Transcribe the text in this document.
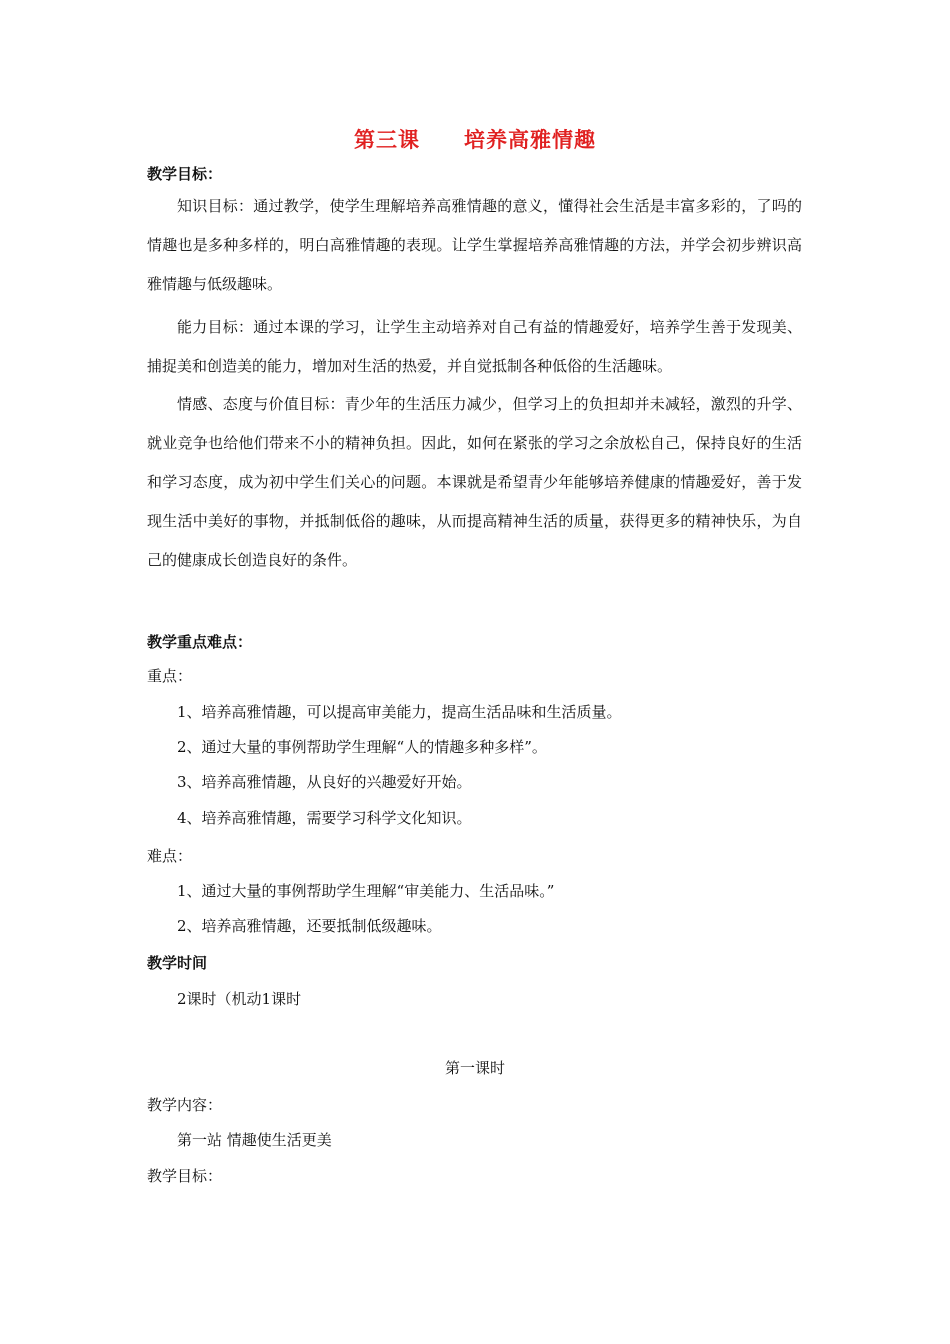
第三课　　培养高雅情趣
教学目标：
知识目标：通过教学，使学生理解培养高雅情趣的意义，懂得社会生活是丰富多彩的，了吗的情趣也是多种多样的，明白高雅情趣的表现。让学生掌握培养高雅情趣的方法，并学会初步辨识高雅情趣与低级趣味。
能力目标：通过本课的学习，让学生主动培养对自己有益的情趣爱好，培养学生善于发现美、捕捉美和创造美的能力，增加对生活的热爱，并自觉抵制各种低俗的生活趣味。
情感、态度与价值目标：青少年的生活压力减少，但学习上的负担却并未减轻，激烈的升学、就业竞争也给他们带来不小的精神负担。因此，如何在紧张的学习之余放松自己，保持良好的生活和学习态度，成为初中学生们关心的问题。本课就是希望青少年能够培养健康的情趣爱好，善于发现生活中美好的事物，并抵制低俗的趣味，从而提高精神生活的质量，获得更多的精神快乐，为自己的健康成长创造良好的条件。
教学重点难点：
重点：
1、培养高雅情趣，可以提高审美能力，提高生活品味和生活质量。
2、通过大量的事例帮助学生理解“人的情趣多种多样”。
3、培养高雅情趣，从良好的兴趣爱好开始。
4、培养高雅情趣，需要学习科学文化知识。
难点：
1、通过大量的事例帮助学生理解“审美能力、生活品味。”
2、培养高雅情趣，还要抵制低级趣味。
教学时间
2课时（机动1课时
第一课时
教学内容：
第一站 情趣使生活更美
教学目标：
